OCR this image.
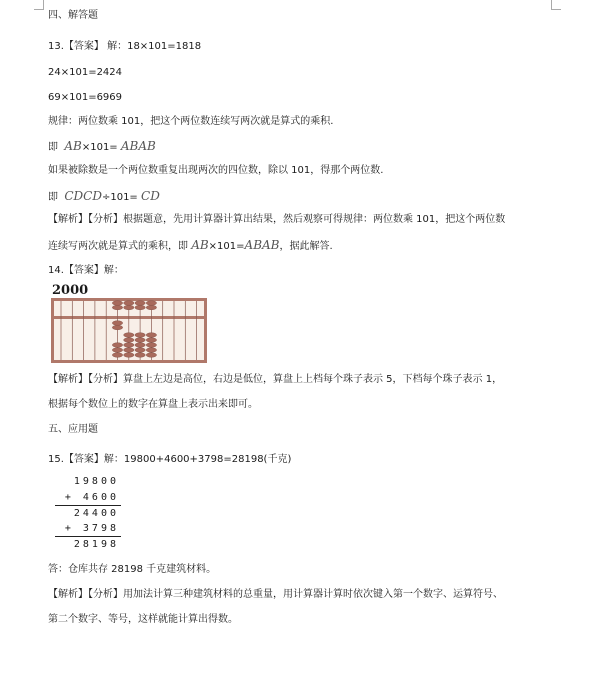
四、解答题
13.【答案】 解：18×101=1818
24×101=2424
69×101=6969
规律：两位数乘 101，把这个两位数连续写两次就是算式的乘积.
即 AB×101= ABAB
如果被除数是一个两位数重复出现两次的四位数，除以 101，得那个两位数.
即 CDCD÷101= CD
【解析】【分析】根据题意，先用计算器计算出结果，然后观察可得规律：两位数乘 101，把这个两位数
连续写两次就是算式的乘积，即 AB×101=ABAB，据此解答.
14.【答案】解：
2000
【解析】【分析】算盘上左边是高位，右边是低位，算盘上上档每个珠子表示 5，下档每个珠子表示 1，
根据每个数位上的数字在算盘上表示出来即可。
五、应用题
15.【答案】解：19800+4600+3798=28198(千克)
19800
+ 4600
24400
+ 3798
28198
答：仓库共存 28198 千克建筑材料。
【解析】【分析】用加法计算三种建筑材料的总重量，用计算器计算时依次键入第一个数字、运算符号、
第二个数字、等号，这样就能计算出得数。
